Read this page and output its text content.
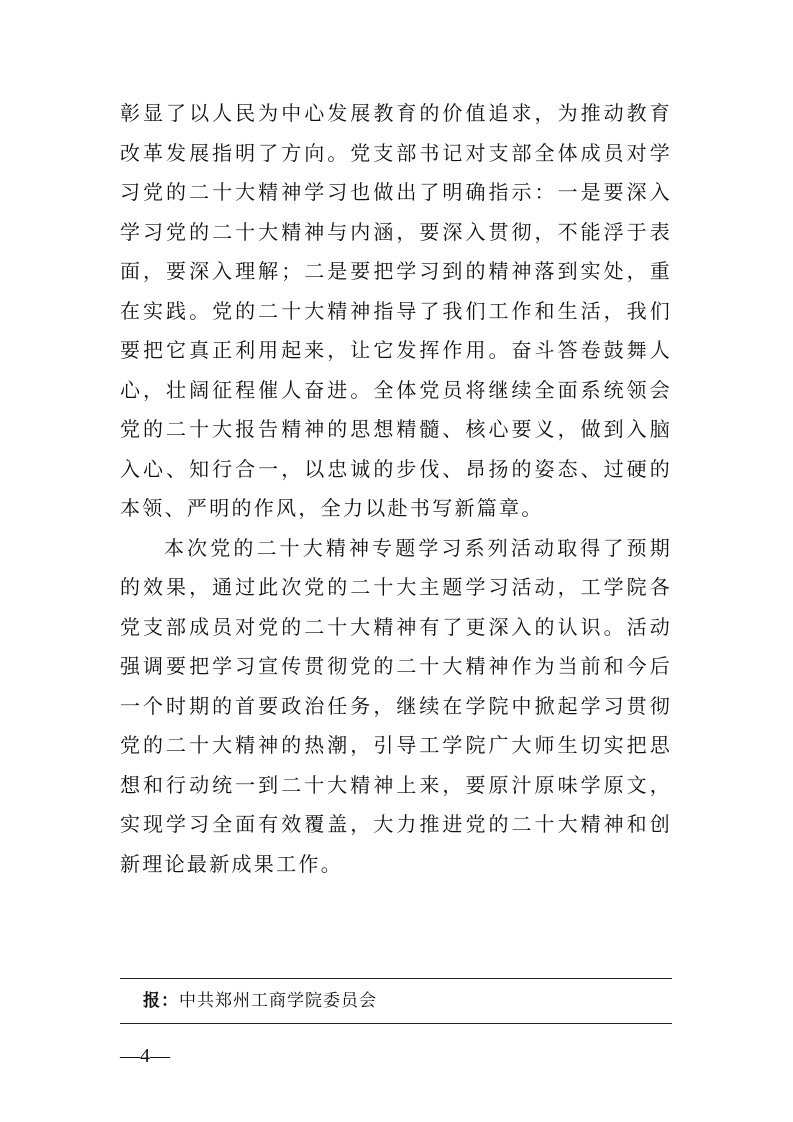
彰显了以人民为中心发展教育的价值追求，为推动教育改革发展指明了方向。党支部书记对支部全体成员对学习党的二十大精神学习也做出了明确指示：一是要深入学习党的二十大精神与内涵，要深入贯彻，不能浮于表面，要深入理解；二是要把学习到的精神落到实处，重在实践。党的二十大精神指导了我们工作和生活，我们要把它真正利用起来，让它发挥作用。奋斗答卷鼓舞人心，壮阔征程催人奋进。全体党员将继续全面系统领会党的二十大报告精神的思想精髓、核心要义，做到入脑入心、知行合一，以忠诚的步伐、昂扬的姿态、过硬的本领、严明的作风，全力以赴书写新篇章。

本次党的二十大精神专题学习系列活动取得了预期的效果，通过此次党的二十大主题学习活动，工学院各党支部成员对党的二十大精神有了更深入的认识。活动强调要把学习宣传贯彻党的二十大精神作为当前和今后一个时期的首要政治任务，继续在学院中掀起学习贯彻党的二十大精神的热潮，引导工学院广大师生切实把思想和行动统一到二十大精神上来，要原汁原味学原文，实现学习全面有效覆盖，大力推进党的二十大精神和创新理论最新成果工作。

报：中共郑州工商学院委员会
—4—
